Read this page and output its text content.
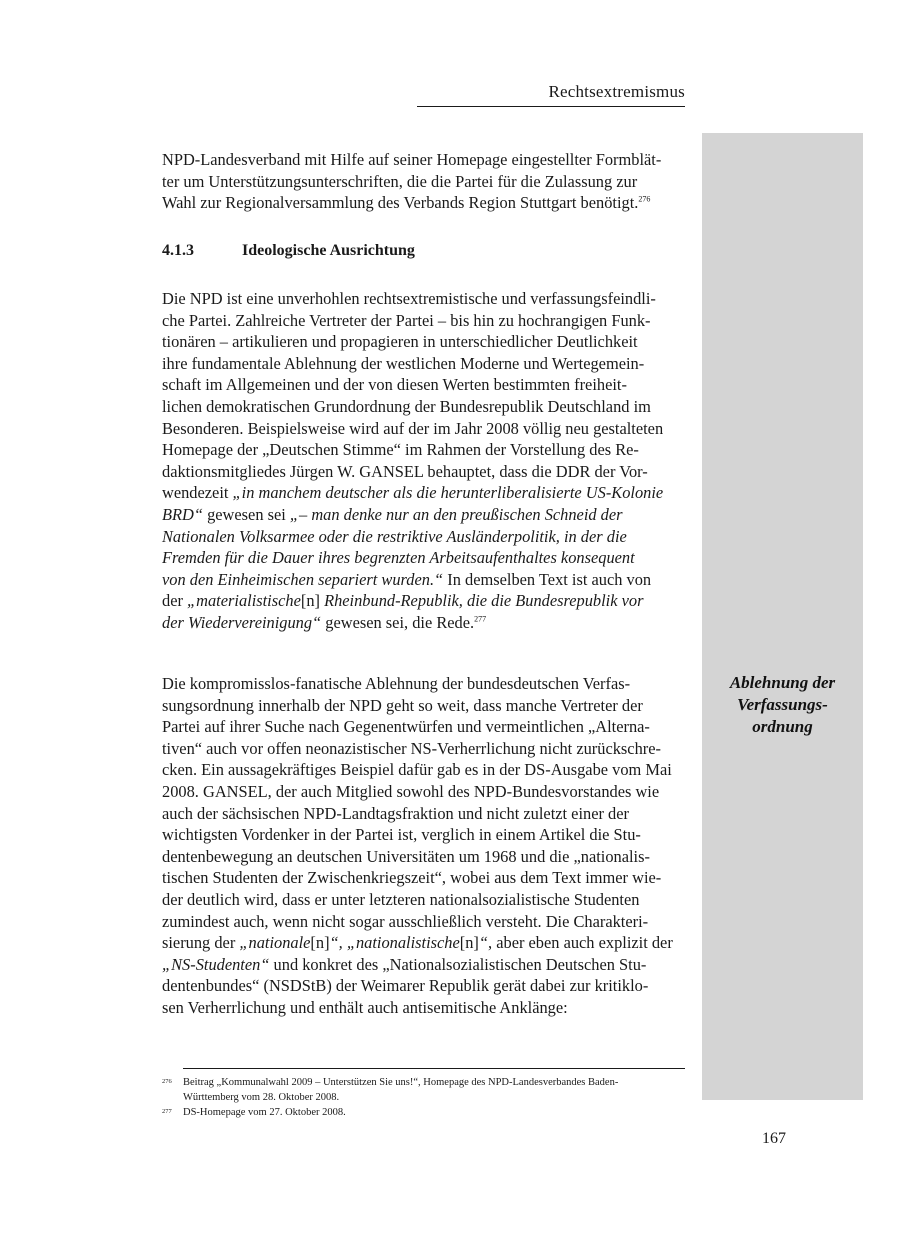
Rechtsextremismus
Ablehnung der
Verfassungs-
ordnung
NPD-Landesverband mit Hilfe auf seiner Homepage eingestellter Formblät-
ter um Unterstützungsunterschriften, die die Partei für die Zulassung zur
Wahl zur Regionalversammlung des Verbands Region Stuttgart benötigt.$^{276}$
4.1.3	Ideologische Ausrichtung
Die NPD ist eine unverhohlen rechtsextremistische und verfassungsfeindli-
che Partei. Zahlreiche Vertreter der Partei – bis hin zu hochrangigen Funk-
tionären – artikulieren und propagieren in unterschiedlicher Deutlichkeit
ihre fundamentale Ablehnung der westlichen Moderne und Wertegemein-
schaft im Allgemeinen und der von diesen Werten bestimmten freiheit-
lichen demokratischen Grundordnung der Bundesrepublik Deutschland im
Besonderen. Beispielsweise wird auf der im Jahr 2008 völlig neu gestalteten
Homepage der „Deutschen Stimme“ im Rahmen der Vorstellung des Re-
daktionsmitgliedes Jürgen W. GANSEL behauptet, dass die DDR der Vor-
wendezeit „in manchem deutscher als die herunterliberalisierte US-Kolonie
BRD“ gewesen sei „– man denke nur an den preußischen Schneid der
Nationalen Volksarmee oder die restriktive Ausländerpolitik, in der die
Fremden für die Dauer ihres begrenzten Arbeitsaufenthaltes konsequent
von den Einheimischen separiert wurden.“ In demselben Text ist auch von
der „materialistische[n] Rheinbund-Republik, die die Bundesrepublik vor
der Wiedervereinigung“ gewesen sei, die Rede.$^{277}$
Die kompromisslos-fanatische Ablehnung der bundesdeutschen Verfas-
sungsordnung innerhalb der NPD geht so weit, dass manche Vertreter der
Partei auf ihrer Suche nach Gegenentwürfen und vermeintlichen „Alterna-
tiven“ auch vor offen neonazistischer NS-Verherrlichung nicht zurückschre-
cken. Ein aussagekräftiges Beispiel dafür gab es in der DS-Ausgabe vom Mai
2008. GANSEL, der auch Mitglied sowohl des NPD-Bundesvorstandes wie
auch der sächsischen NPD-Landtagsfraktion und nicht zuletzt einer der
wichtigsten Vordenker in der Partei ist, verglich in einem Artikel die Stu-
dentenbewegung an deutschen Universitäten um 1968 und die „nationalis-
tischen Studenten der Zwischenkriegszeit“, wobei aus dem Text immer wie-
der deutlich wird, dass er unter letzteren nationalsozialistische Studenten
zumindest auch, wenn nicht sogar ausschließlich versteht. Die Charakteri-
sierung der „nationale[n]“, „nationalistische[n]“, aber eben auch explizit der
„NS-Studenten“ und konkret des „Nationalsozialistischen Deutschen Stu-
dentenbundes“ (NSDStB) der Weimarer Republik gerät dabei zur kritiklo-
sen Verherrlichung und enthält auch antisemitische Anklänge:
276 Beitrag „Kommunalwahl 2009 – Unterstützen Sie uns!“, Homepage des NPD-Landesverbandes Baden-
Württemberg vom 28. Oktober 2008.
277 DS-Homepage vom 27. Oktober 2008.
167
